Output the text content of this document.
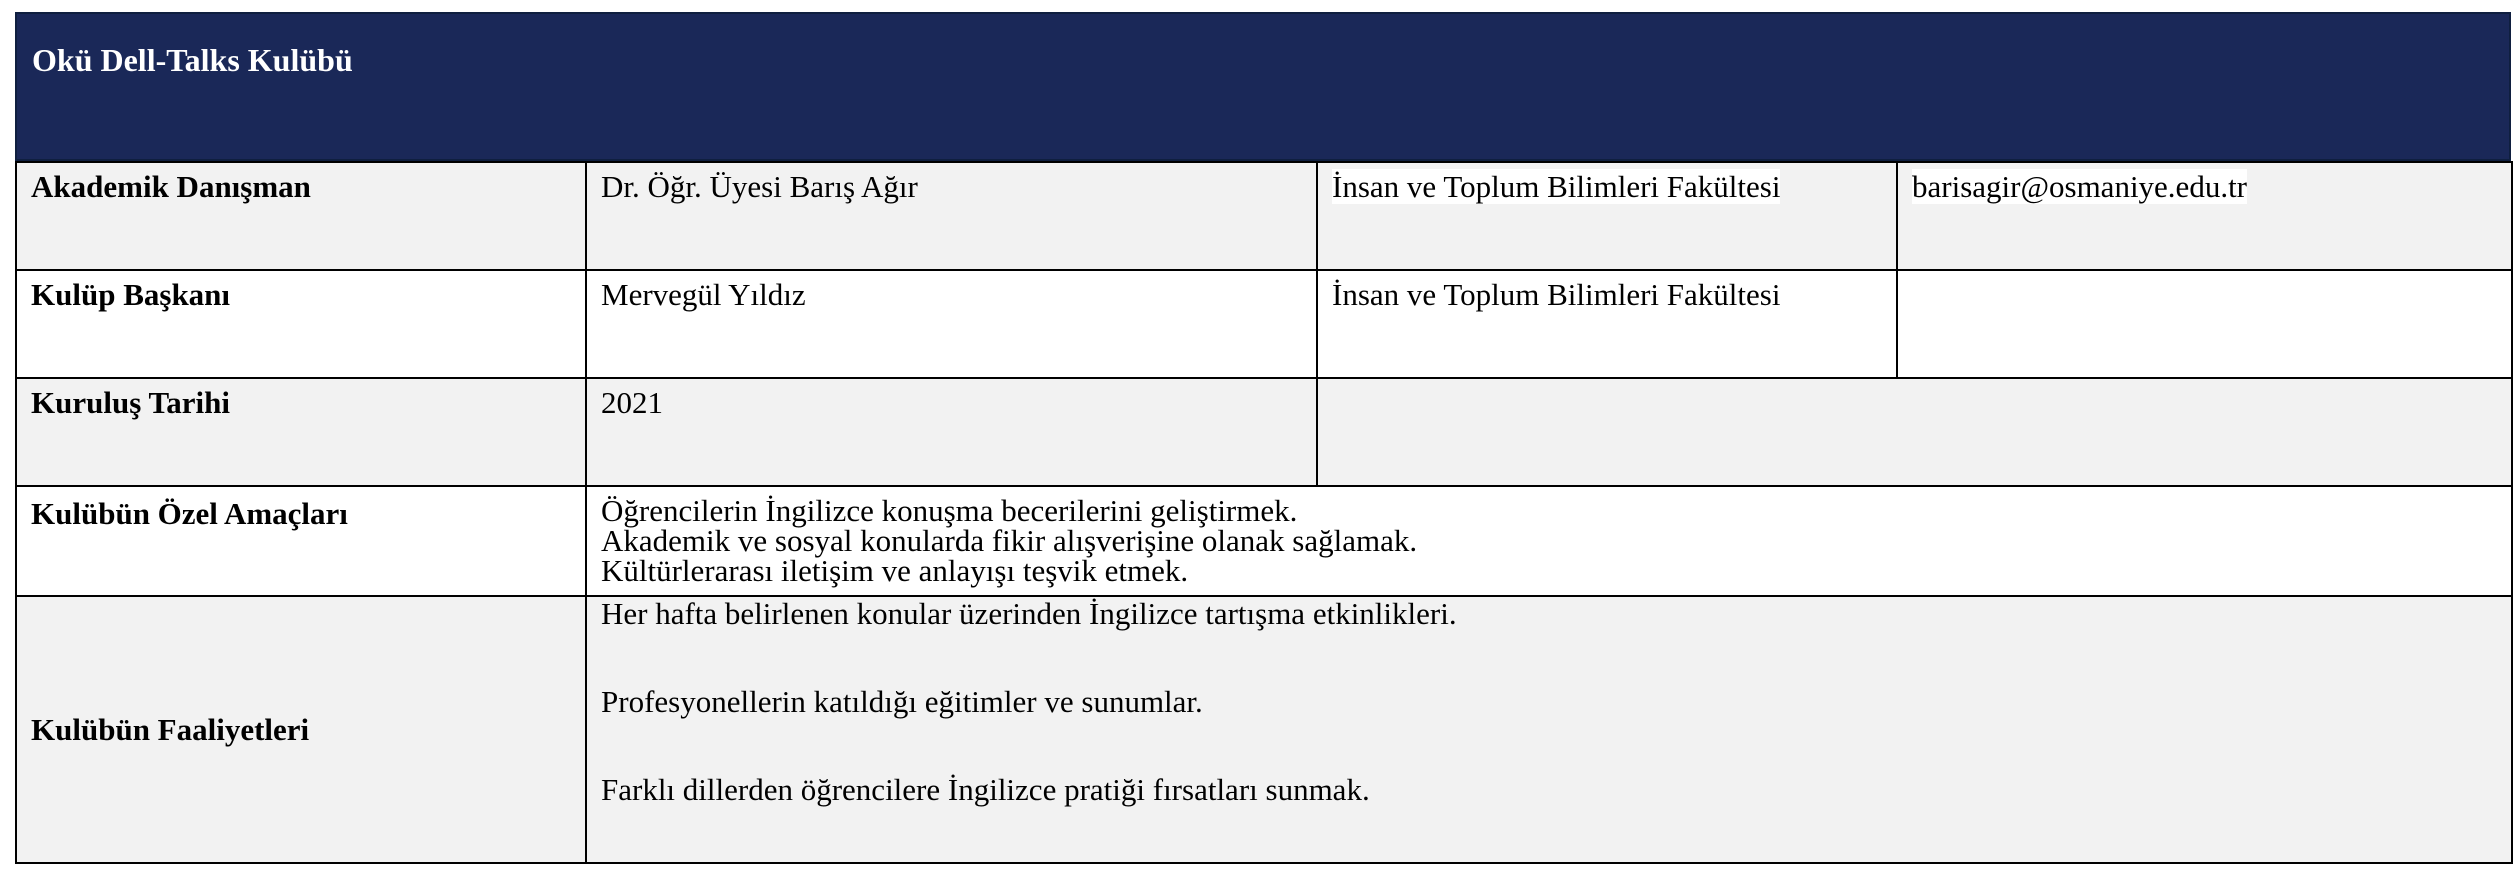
Okü Dell-Talks Kulübü
Akademik Danışman	Dr. Öğr. Üyesi Barış Ağır	İnsan ve Toplum Bilimleri Fakültesi	barisagir@osmaniye.edu.tr
Kulüp Başkanı	Mervegül Yıldız	İnsan ve Toplum Bilimleri Fakültesi	
Kuruluş Tarihi	2021		
Kulübün Özel Amaçları	Öğrencilerin İngilizce konuşma becerilerini geliştirmek.
Akademik ve sosyal konularda fikir alışverişine olanak sağlamak.
Kültürlerarası iletişim ve anlayışı teşvik etmek.		

Kulübün Faaliyetleri	Her hafta belirlenen konular üzerinden İngilizce tartışma etkinlikleri.
Profesyonellerin katıldığı eğitimler ve sunumlar.
Farklı dillerden öğrencilere İngilizce pratiği fırsatları sunmak.		
